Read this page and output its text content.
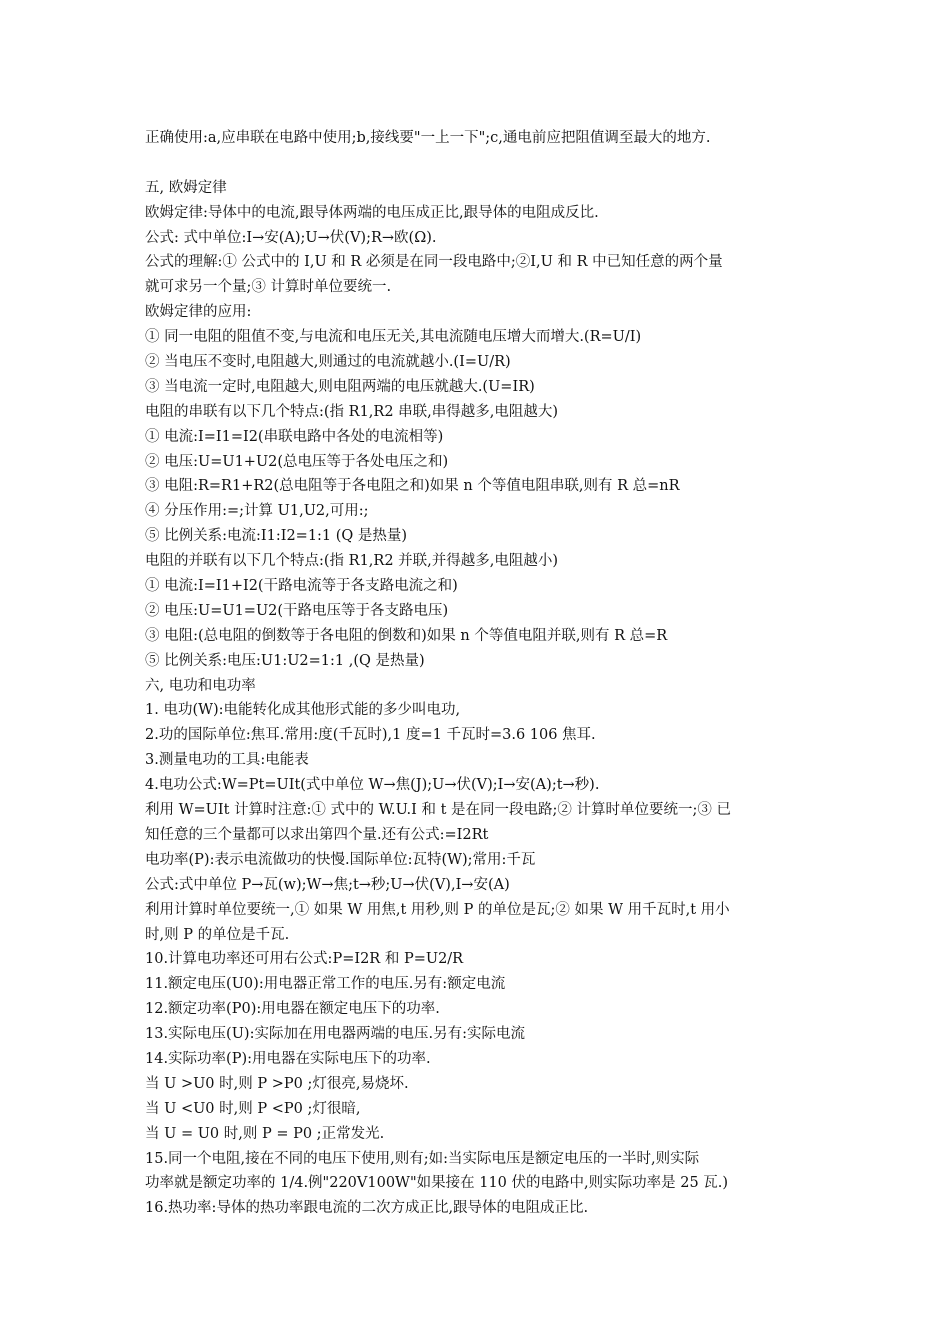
正确使用:a,应串联在电路中使用;b,接线要"一上一下";c,通电前应把阻值调至最大的地方.
五, 欧姆定律
欧姆定律:导体中的电流,跟导体两端的电压成正比,跟导体的电阻成反比.
公式: 式中单位:I→安(A);U→伏(V);R→欧(Ω).
公式的理解:① 公式中的 I,U 和 R 必须是在同一段电路中;②I,U 和 R 中已知任意的两个量
就可求另一个量;③ 计算时单位要统一.
欧姆定律的应用:
① 同一电阻的阻值不变,与电流和电压无关,其电流随电压增大而增大.(R=U/I)
② 当电压不变时,电阻越大,则通过的电流就越小.(I=U/R)
③ 当电流一定时,电阻越大,则电阻两端的电压就越大.(U=IR)
电阻的串联有以下几个特点:(指 R1,R2 串联,串得越多,电阻越大)
① 电流:I=I1=I2(串联电路中各处的电流相等)
② 电压:U=U1+U2(总电压等于各处电压之和)
③ 电阻:R=R1+R2(总电阻等于各电阻之和)如果 n 个等值电阻串联,则有 R 总=nR
④ 分压作用:=;计算 U1,U2,可用:;
⑤ 比例关系:电流:I1:I2=1:1 (Q 是热量)
电阻的并联有以下几个特点:(指 R1,R2 并联,并得越多,电阻越小)
① 电流:I=I1+I2(干路电流等于各支路电流之和)
② 电压:U=U1=U2(干路电压等于各支路电压)
③ 电阻:(总电阻的倒数等于各电阻的倒数和)如果 n 个等值电阻并联,则有 R 总=R
⑤ 比例关系:电压:U1:U2=1:1 ,(Q 是热量)
六, 电功和电功率
1. 电功(W):电能转化成其他形式能的多少叫电功,
2.功的国际单位:焦耳.常用:度(千瓦时),1 度=1 千瓦时=3.6 106 焦耳.
3.测量电功的工具:电能表
4.电功公式:W=Pt=UIt(式中单位 W→焦(J);U→伏(V);I→安(A);t→秒).
利用 W=UIt 计算时注意:① 式中的 W.U.I 和 t 是在同一段电路;② 计算时单位要统一;③ 已
知任意的三个量都可以求出第四个量.还有公式:=I2Rt
电功率(P):表示电流做功的快慢.国际单位:瓦特(W);常用:千瓦
公式:式中单位 P→瓦(w);W→焦;t→秒;U→伏(V),I→安(A)
利用计算时单位要统一,① 如果 W 用焦,t 用秒,则 P 的单位是瓦;② 如果 W 用千瓦时,t 用小
时,则 P 的单位是千瓦.
10.计算电功率还可用右公式:P=I2R 和 P=U2/R
11.额定电压(U0):用电器正常工作的电压.另有:额定电流
12.额定功率(P0):用电器在额定电压下的功率.
13.实际电压(U):实际加在用电器两端的电压.另有:实际电流
14.实际功率(P):用电器在实际电压下的功率.
当 U >U0 时,则 P >P0 ;灯很亮,易烧坏.
当 U <U0 时,则 P <P0 ;灯很暗,
当 U = U0 时,则 P = P0 ;正常发光.
15.同一个电阻,接在不同的电压下使用,则有;如:当实际电压是额定电压的一半时,则实际
功率就是额定功率的 1/4.例"220V100W"如果接在 110 伏的电路中,则实际功率是 25 瓦.)
16.热功率:导体的热功率跟电流的二次方成正比,跟导体的电阻成正比.
